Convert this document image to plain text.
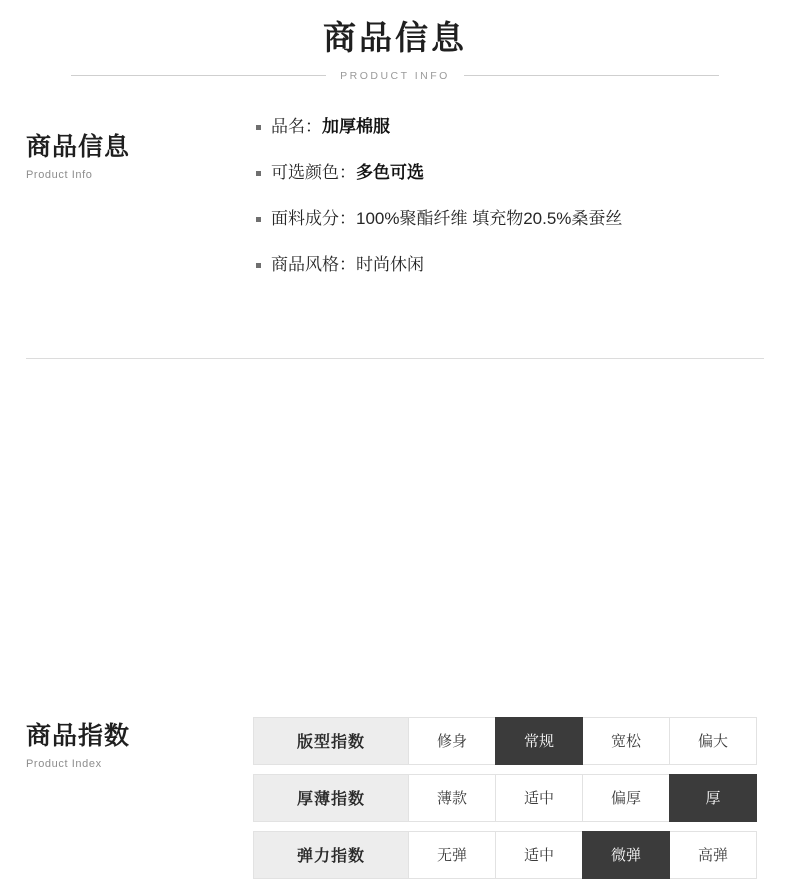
商品信息
PRODUCT INFO
商品信息
Product Info
品名：加厚棉服
可选颜色：多色可选
面料成分：100%聚酯纤维 填充物20.5%桑蚕丝
商品风格：时尚休闲
商品指数
Product Index
版型指数	修身	常规	宽松	偏大
厚薄指数	薄款	适中	偏厚	厚
弹力指数	无弹	适中	微弹	高弹
